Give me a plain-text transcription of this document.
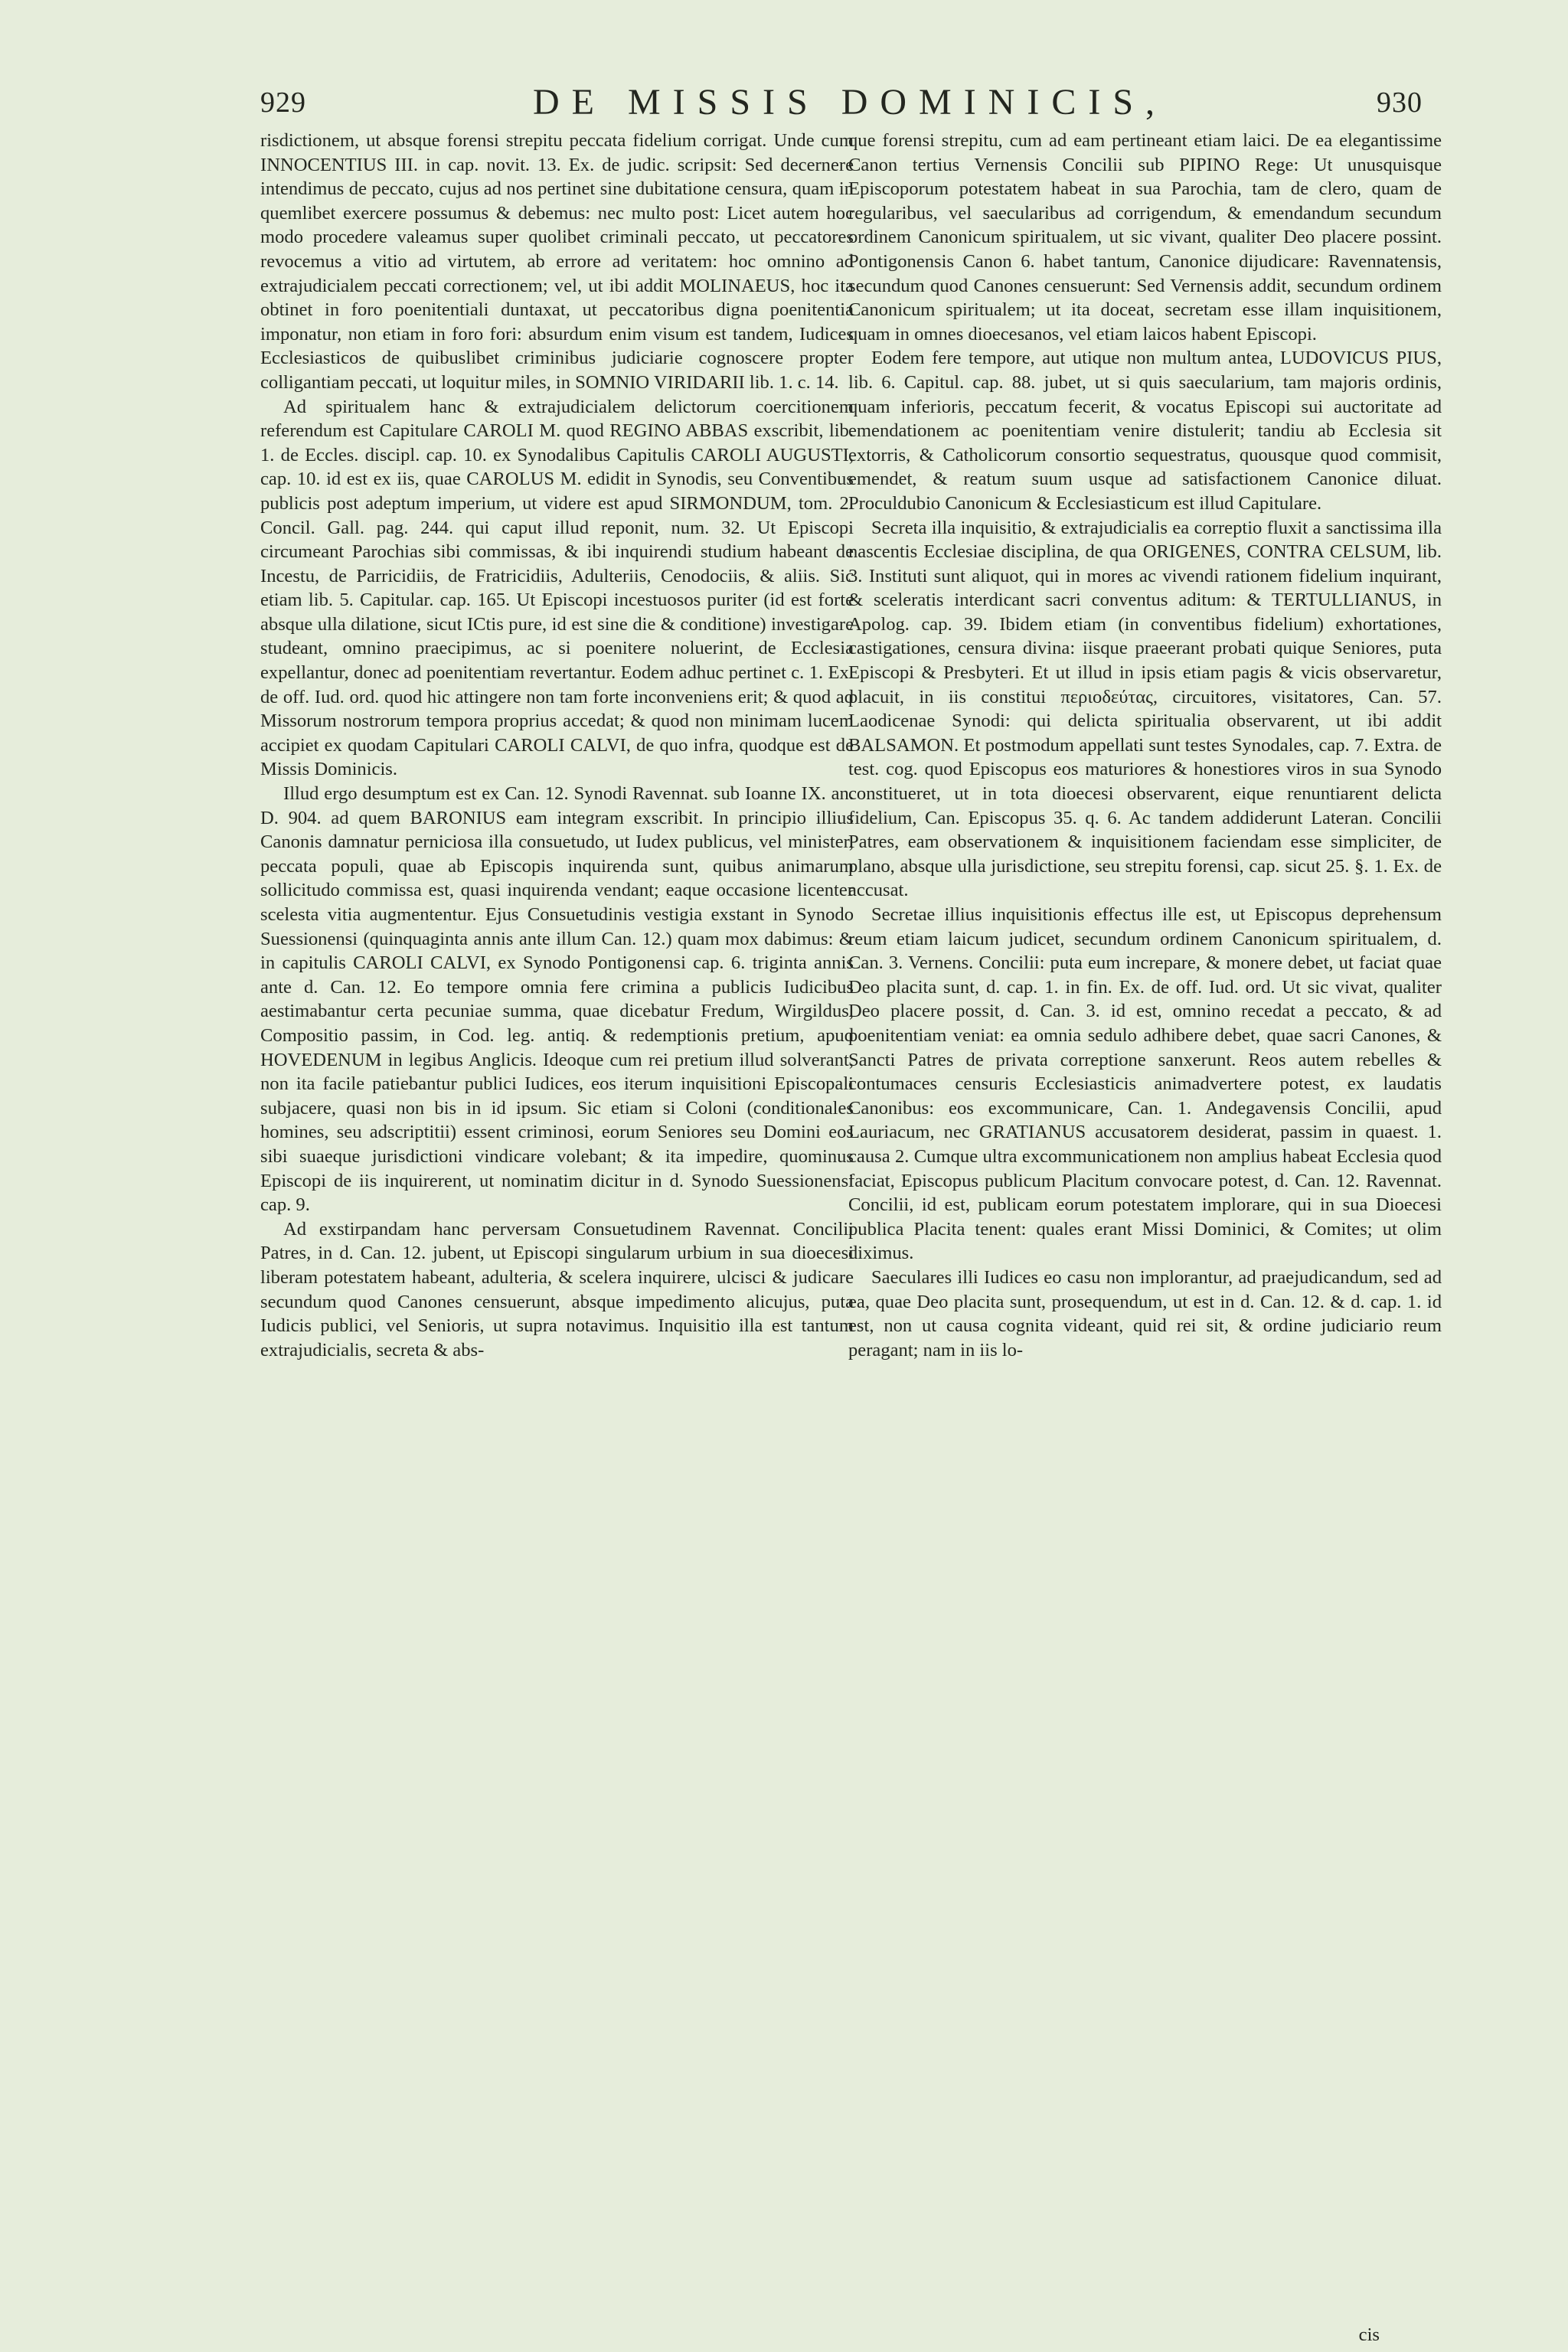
929	DE MISSIS DOMINICIS,	930

risdictionem, ut absque forensi strepitu peccata fidelium corrigat. Unde cum INNOCENTIUS III. in cap. novit. 13. Ex. de judic. scripsit: Sed decernere intendimus de peccato, cujus ad nos pertinet sine dubitatione censura, quam in quemlibet exercere possumus & debemus: nec multo post: Licet autem hoc modo procedere valeamus super quolibet criminali peccato, ut peccatores revocemus a vitio ad virtutem, ab errore ad veritatem: hoc omnino ad extrajudicialem peccati correctionem; vel, ut ibi addit MOLINAEUS, hoc ita obtinet in foro poenitentiali duntaxat, ut peccatoribus digna poenitentia imponatur, non etiam in foro fori: absurdum enim visum est tandem, Iudices Ecclesiasticos de quibuslibet criminibus judiciarie cognoscere propter colligantiam peccati, ut loquitur miles, in SOMNIO VIRIDARII lib. 1. c. 14.

Ad spiritualem hanc & extrajudicialem delictorum coercitionem referendum est Capitulare CAROLI M. quod REGINO ABBAS exscribit, lib. 1. de Eccles. discipl. cap. 10. ex Synodalibus Capitulis CAROLI AUGUSTI, cap. 10. id est ex iis, quae CAROLUS M. edidit in Synodis, seu Conventibus publicis post adeptum imperium, ut videre est apud SIRMONDUM, tom. 2. Concil. Gall. pag. 244. qui caput illud reponit, num. 32. Ut Episcopi circumeant Parochias sibi commissas, & ibi inquirendi studium habeant de Incestu, de Parricidiis, de Fratricidiis, Adulteriis, Cenodociis, & aliis. Sic etiam lib. 5. Capitular. cap. 165. Ut Episcopi incestuosos puriter (id est forte absque ulla dilatione, sicut ICtis pure, id est sine die & conditione) investigare studeant, omnino praecipimus, ac si poenitere noluerint, de Ecclesia expellantur, donec ad poenitentiam revertantur. Eodem adhuc pertinet c. 1. Ex. de off. Iud. ord. quod hic attingere non tam forte inconveniens erit; & quod ad Missorum nostrorum tempora proprius accedat; & quod non minimam lucem accipiet ex quodam Capitulari CAROLI CALVI, de quo infra, quodque est de Missis Dominicis.

Illud ergo desumptum est ex Can. 12. Synodi Ravennat. sub Ioanne IX. an. D. 904. ad quem BARONIUS eam integram exscribit. In principio illius Canonis damnatur perniciosa illa consuetudo, ut Iudex publicus, vel minister, peccata populi, quae ab Episcopis inquirenda sunt, quibus animarum sollicitudo commissa est, quasi inquirenda vendant; eaque occasione licenter scelesta vitia augmententur. Ejus Consuetudinis vestigia exstant in Synodo Suessionensi (quinquaginta annis ante illum Can. 12.) quam mox dabimus: & in capitulis CAROLI CALVI, ex Synodo Pontigonensi cap. 6. triginta annis ante d. Can. 12. Eo tempore omnia fere crimina a publicis Iudicibus aestimabantur certa pecuniae summa, quae dicebatur Fredum, Wirgildus, Compositio passim, in Cod. leg. antiq. & redemptionis pretium, apud HOVEDENUM in legibus Anglicis. Ideoque cum rei pretium illud solverant, non ita facile patiebantur publici Iudices, eos iterum inquisitioni Episcopali subjacere, quasi non bis in id ipsum. Sic etiam si Coloni (conditionales homines, seu adscriptitii) essent criminosi, eorum Seniores seu Domini eos sibi suaeque jurisdictioni vindicare volebant; & ita impedire, quominus Episcopi de iis inquirerent, ut nominatim dicitur in d. Synodo Suessionensi cap. 9.

Ad exstirpandam hanc perversam Consuetudinem Ravennat. Concilii Patres, in d. Can. 12. jubent, ut Episcopi singularum urbium in sua dioecesi liberam potestatem habeant, adulteria, & scelera inquirere, ulcisci & judicare secundum quod Canones censuerunt, absque impedimento alicujus, puta Iudicis publici, vel Senioris, ut supra notavimus. Inquisitio illa est tantum extrajudicialis, secreta & abs-

que forensi strepitu, cum ad eam pertineant etiam laici. De ea elegantissime Canon tertius Vernensis Concilii sub PIPINO Rege: Ut unusquisque Episcoporum potestatem habeat in sua Parochia, tam de clero, quam de regularibus, vel saecularibus ad corrigendum, & emendandum secundum ordinem Canonicum spiritualem, ut sic vivant, qualiter Deo placere possint. Pontigonensis Canon 6. habet tantum, Canonice dijudicare: Ravennatensis, secundum quod Canones censuerunt: Sed Vernensis addit, secundum ordinem Canonicum spiritualem; ut ita doceat, secretam esse illam inquisitionem, quam in omnes dioecesanos, vel etiam laicos habent Episcopi.

Eodem fere tempore, aut utique non multum antea, LUDOVICUS PIUS, lib. 6. Capitul. cap. 88. jubet, ut si quis saecularium, tam majoris ordinis, quam inferioris, peccatum fecerit, & vocatus Episcopi sui auctoritate ad emendationem ac poenitentiam venire distulerit; tandiu ab Ecclesia sit extorris, & Catholicorum consortio sequestratus, quousque quod commisit, emendet, & reatum suum usque ad satisfactionem Canonice diluat. Proculdubio Canonicum & Ecclesiasticum est illud Capitulare.

Secreta illa inquisitio, & extrajudicialis ea correptio fluxit a sanctissima illa nascentis Ecclesiae disciplina, de qua ORIGENES, CONTRA CELSUM, lib. 3. Instituti sunt aliquot, qui in mores ac vivendi rationem fidelium inquirant, & sceleratis interdicant sacri conventus aditum: & TERTULLIANUS, in Apolog. cap. 39. Ibidem etiam (in conventibus fidelium) exhortationes, castigationes, censura divina: iisque praeerant probati quique Seniores, puta Episcopi & Presbyteri. Et ut illud in ipsis etiam pagis & vicis observaretur, placuit, in iis constitui περιοδεύτας, circuitores, visitatores, Can. 57. Laodicenae Synodi: qui delicta spiritualia observarent, ut ibi addit BALSAMON. Et postmodum appellati sunt testes Synodales, cap. 7. Extra. de test. cog. quod Episcopus eos maturiores & honestiores viros in sua Synodo constitueret, ut in tota dioecesi observarent, eique renuntiarent delicta fidelium, Can. Episcopus 35. q. 6. Ac tandem addiderunt Lateran. Concilii Patres, eam observationem & inquisitionem faciendam esse simpliciter, de plano, absque ulla jurisdictione, seu strepitu forensi, cap. sicut 25. §. 1. Ex. de accusat.

Secretae illius inquisitionis effectus ille est, ut Episcopus deprehensum reum etiam laicum judicet, secundum ordinem Canonicum spiritualem, d. Can. 3. Vernens. Concilii: puta eum increpare, & monere debet, ut faciat quae Deo placita sunt, d. cap. 1. in fin. Ex. de off. Iud. ord. Ut sic vivat, qualiter Deo placere possit, d. Can. 3. id est, omnino recedat a peccato, & ad poenitentiam veniat: ea omnia sedulo adhibere debet, quae sacri Canones, & Sancti Patres de privata correptione sanxerunt. Reos autem rebelles & contumaces censuris Ecclesiasticis animadvertere potest, ex laudatis Canonibus: eos excommunicare, Can. 1. Andegavensis Concilii, apud Lauriacum, nec GRATIANUS accusatorem desiderat, passim in quaest. 1. causa 2. Cumque ultra excommunicationem non amplius habeat Ecclesia quod faciat, Episcopus publicum Placitum convocare potest, d. Can. 12. Ravennat. Concilii, id est, publicam eorum potestatem implorare, qui in sua Dioecesi publica Placita tenent: quales erant Missi Dominici, & Comites; ut olim diximus.

Saeculares illi Iudices eo casu non implorantur, ad praejudicandum, sed ad ea, quae Deo placita sunt, prosequendum, ut est in d. Can. 12. & d. cap. 1. id est, non ut causa cognita videant, quid rei sit, & ordine judiciario reum peragant; nam in iis lo-

cis
